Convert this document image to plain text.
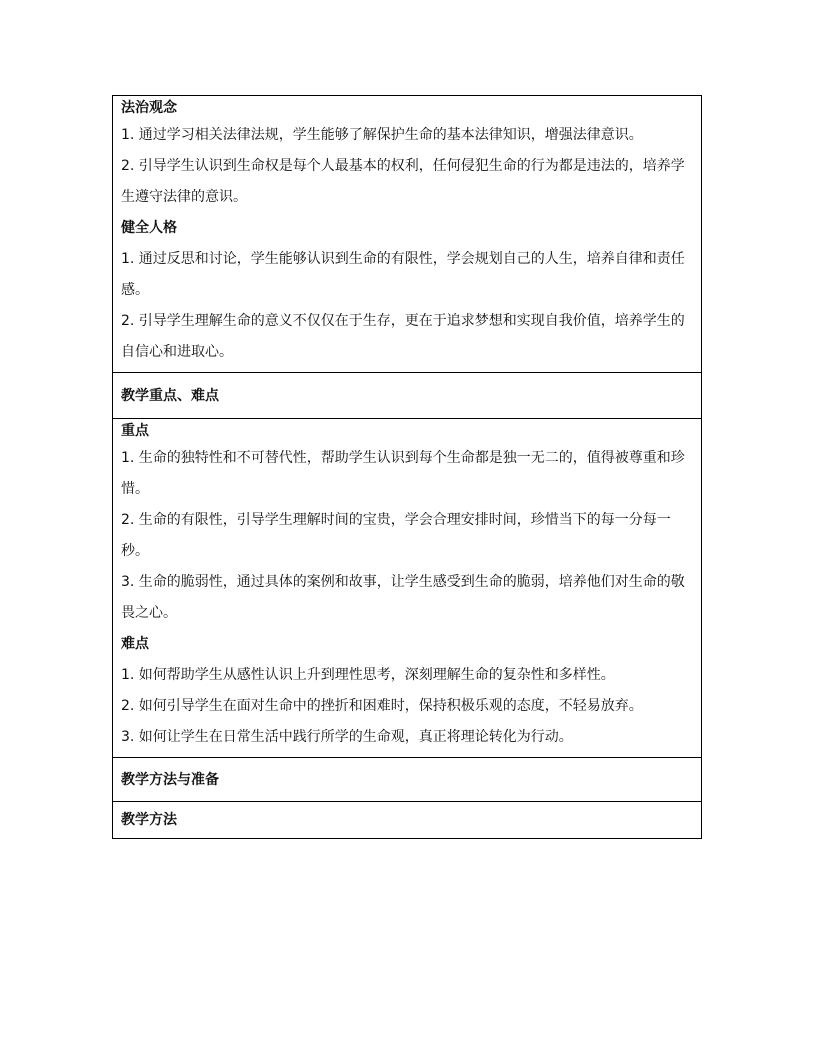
法治观念

1. 通过学习相关法律法规，学生能够了解保护生命的基本法律知识，增强法律意识。

2. 引导学生认识到生命权是每个人最基本的权利，任何侵犯生命的行为都是违法的，培养学生遵守法律的意识。

健全人格

1. 通过反思和讨论，学生能够认识到生命的有限性，学会规划自己的人生，培养自律和责任感。

2. 引导学生理解生命的意义不仅仅在于生存，更在于追求梦想和实现自我价值，培养学生的自信心和进取心。

教学重点、难点

重点

1. 生命的独特性和不可替代性，帮助学生认识到每个生命都是独一无二的，值得被尊重和珍惜。

2. 生命的有限性，引导学生理解时间的宝贵，学会合理安排时间，珍惜当下的每一分每一秒。

3. 生命的脆弱性，通过具体的案例和故事，让学生感受到生命的脆弱，培养他们对生命的敬畏之心。

难点

1. 如何帮助学生从感性认识上升到理性思考，深刻理解生命的复杂性和多样性。

2. 如何引导学生在面对生命中的挫折和困难时，保持积极乐观的态度，不轻易放弃。

3. 如何让学生在日常生活中践行所学的生命观，真正将理论转化为行动。

教学方法与准备
教学方法
